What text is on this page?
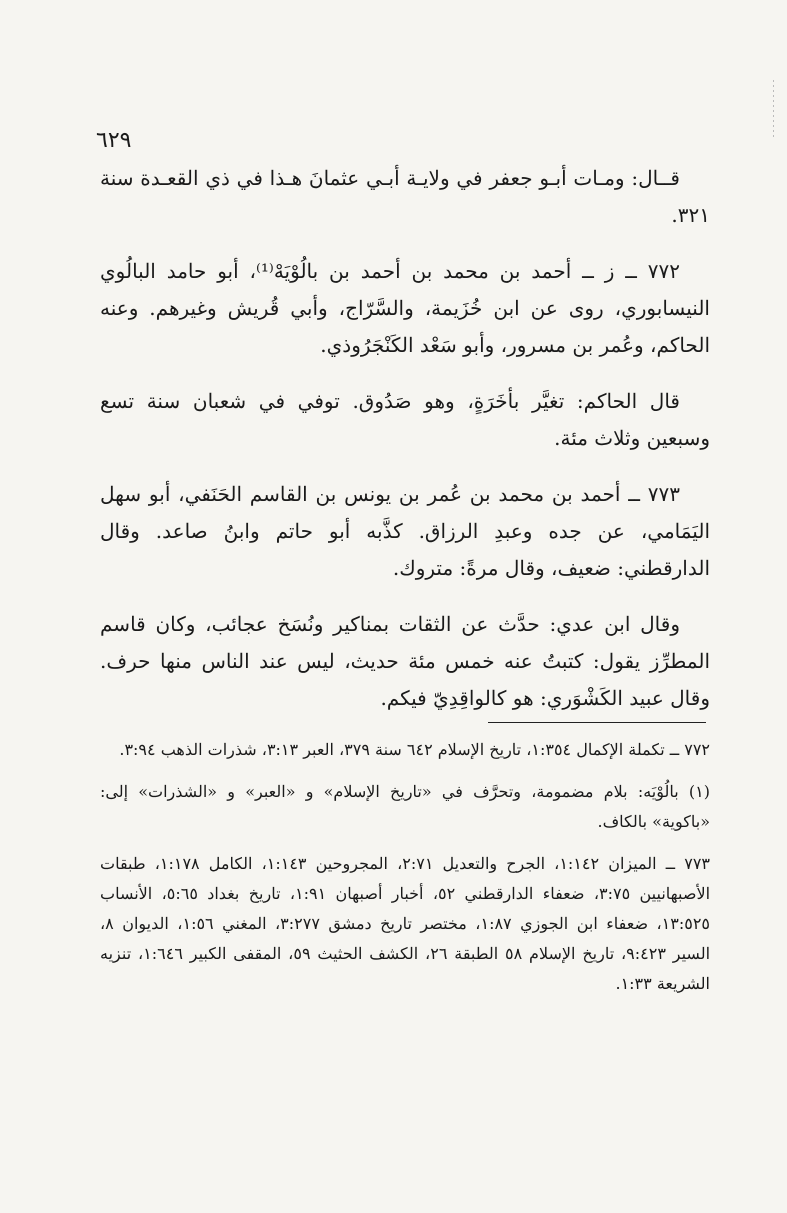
٦٢٩

قــال: ومـات أبـو جعفر في ولايـة أبـي عثمانَ هـذا في ذي القعـدة سنة ٣٢١.

٧٧٢ ــ ز ــ أحمد بن محمد بن أحمد بن بالُوْيَهْ⁽¹⁾، أبو حامد البالُوي النيسابوري، روى عن ابن خُزَيمة، والسَّرّاج، وأبي قُريش وغيرهم. وعنه الحاكم، وعُمر بن مسرور، وأبو سَعْد الكَنْجَرُوذي.

قال الحاكم: تغيَّر بأخَرَةٍ، وهو صَدُوق. توفي في شعبان سنة تسع وسبعين وثلاث مئة.

٧٧٣ ــ أحمد بن محمد بن عُمر بن يونس بن القاسم الحَنَفي، أبو سهل اليَمَامي، عن جده وعبدِ الرزاق. كذَّبه أبو حاتم وابنُ صاعد. وقال الدارقطني: ضعيف، وقال مرةً: متروك.

وقال ابن عدي: حدَّث عن الثقات بمناكير ونُسَخ عجائب، وكان قاسم المطرِّز يقول: كتبتُ عنه خمس مئة حديث، ليس عند الناس منها حرف. وقال عبيد الكَشْوَري: هو كالواقِدِيّ فيكم.

٧٧٢ ــ تكملة الإكمال ١:٣٥٤، تاريخ الإسلام ٦٤٢ سنة ٣٧٩، العبر ٣:١٣، شذرات الذهب ٣:٩٤.

(١) بالُوْيَه: بلام مضمومة، وتحرَّف في «تاريخ الإسلام» و «العبر» و «الشذرات» إلى: «باكوية» بالكاف.

٧٧٣ ــ الميزان ١:١٤٢، الجرح والتعديل ٢:٧١، المجروحين ١:١٤٣، الكامل ١:١٧٨، طبقات الأصبهانيين ٣:٧٥، ضعفاء الدارقطني ٥٢، أخبار أصبهان ١:٩١، تاريخ بغداد ٥:٦٥، الأنساب ١٣:٥٢٥، ضعفاء ابن الجوزي ١:٨٧، مختصر تاريخ دمشق ٣:٢٧٧، المغني ١:٥٦، الديوان ٨، السير ٩:٤٢٣، تاريخ الإسلام ٥٨ الطبقة ٢٦، الكشف الحثيث ٥٩، المقفى الكبير ١:٦٤٦، تنزيه الشريعة ١:٣٣.
